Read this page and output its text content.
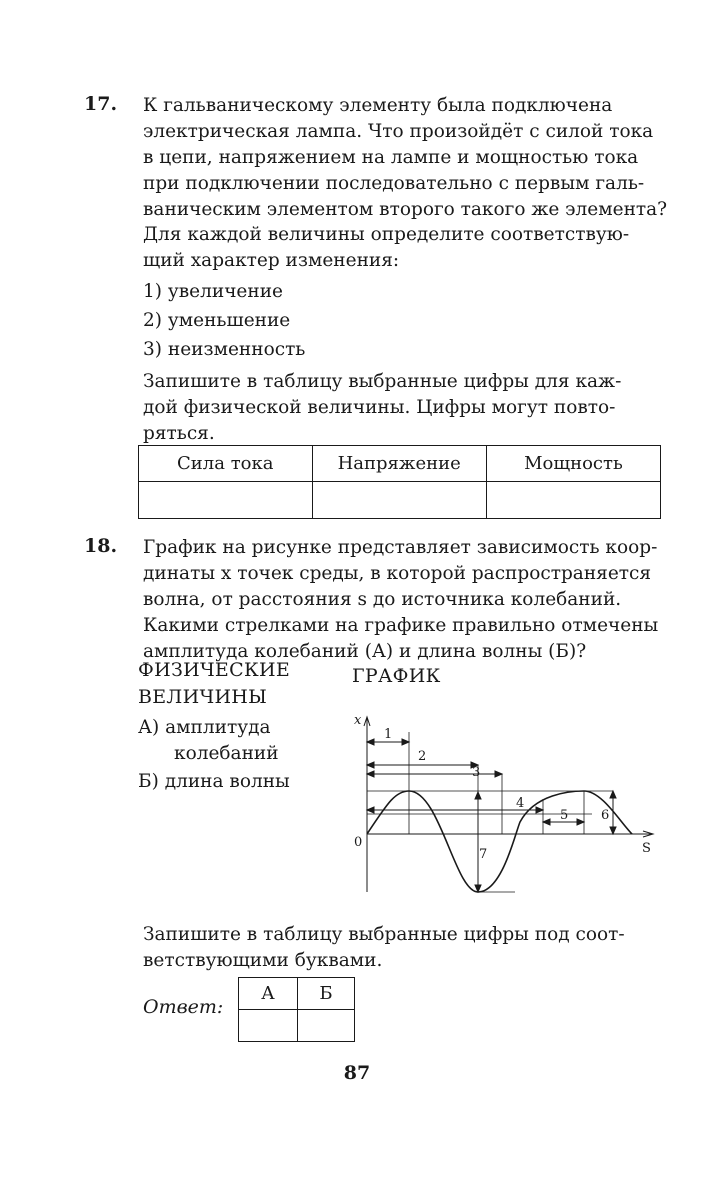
17. К гальваническому элементу была подключена
электрическая лампа. Что произойдёт с силой тока
в цепи, напряжением на лампе и мощностью тока
при подключении последовательно с первым галь-
ваническим элементом второго такого же элемента?
Для каждой величины определите соответствую-
щий характер изменения:
1) увеличение
2) уменьшение
3) неизменность
Запишите в таблицу выбранные цифры для каж-
дой физической величины. Цифры могут повто-
ряться.
Сила тока	Напряжение	Мощность

18. График на рисунке представляет зависимость коор-
динаты x точек среды, в которой распространяется
волна, от расстояния s до источника колебаний.
Какими стрелками на графике правильно отмечены
амплитуда колебаний (А) и длина волны (Б)?
ФИЗИЧЕСКИЕ
ВЕЛИЧИНЫ
ГРАФИК
А) амплитуда
колебаний
Б) длина волны
x
S
0
1
2
3
4
5	6
7
Запишите в таблицу выбранные цифры под соот-
ветствующими буквами.
Ответ:
А	Б

87
